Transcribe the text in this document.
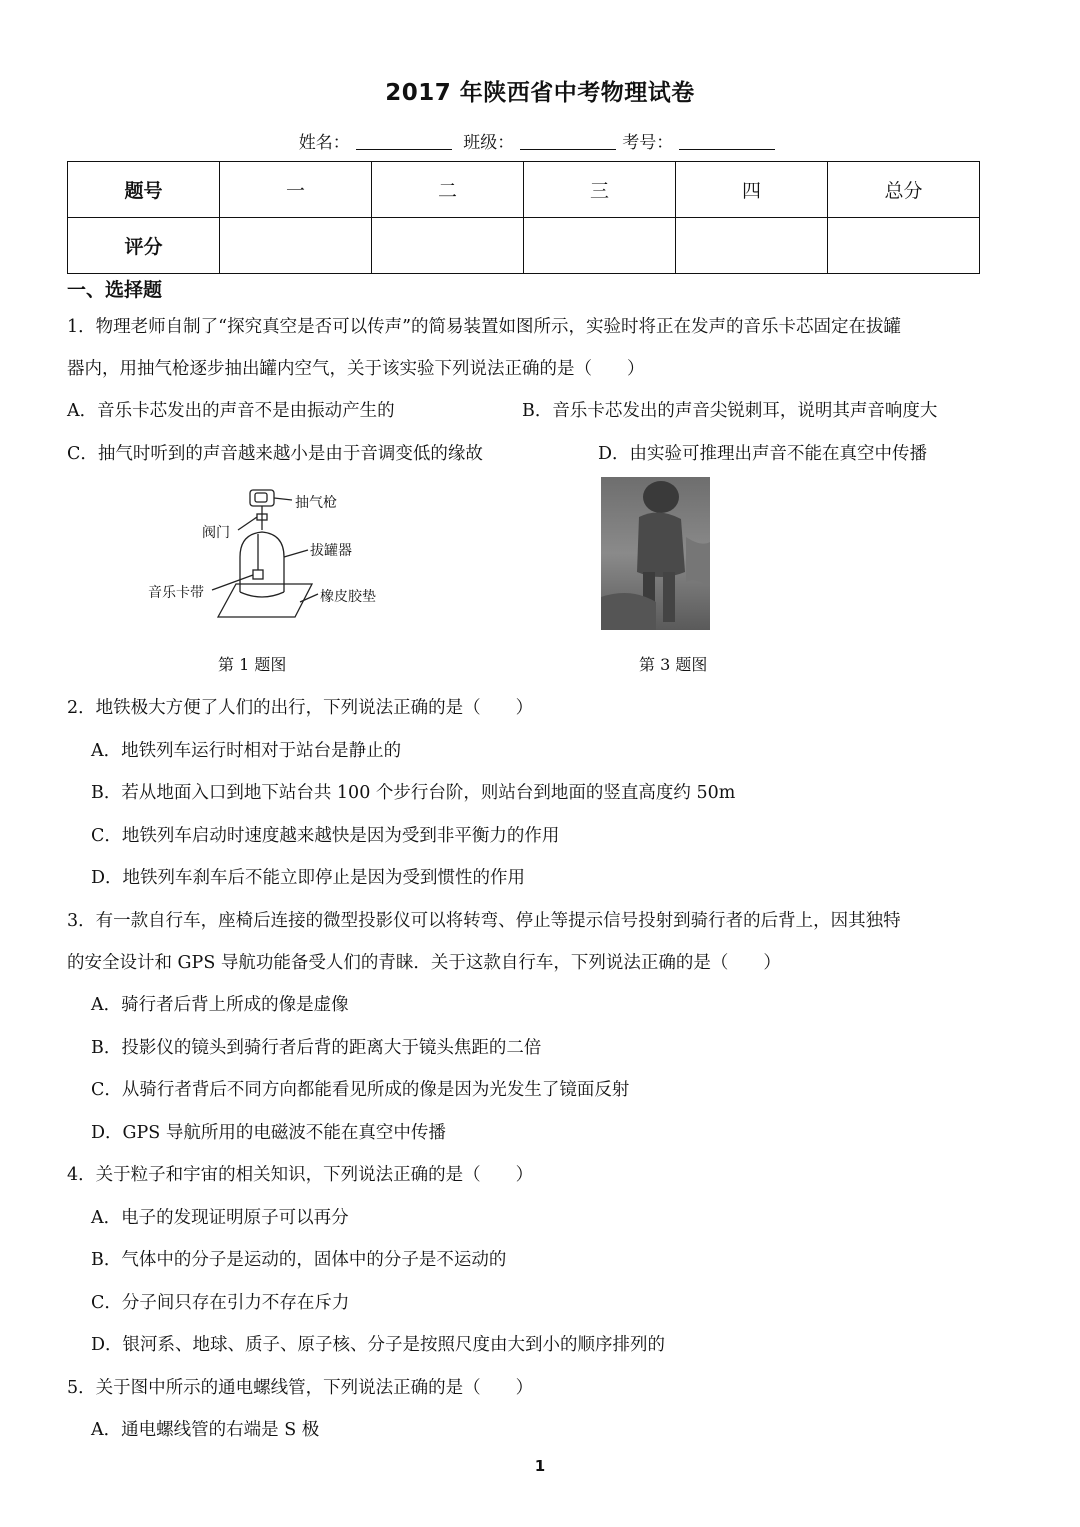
2017 年陕西省中考物理试卷
姓名：	班级：	考号：
题号	一	二	三	四	总分
评分					
一、选择题
1．物理老师自制了“探究真空是否可以传声”的简易装置如图所示，实验时将正在发声的音乐卡芯固定在拔罐
器内，用抽气枪逐步抽出罐内空气，关于该实验下列说法正确的是（　　）
A．音乐卡芯发出的声音不是由振动产生的	B．音乐卡芯发出的声音尖锐刺耳，说明其声音响度大
C．抽气时听到的声音越来越小是由于音调变低的缘故	D．由实验可推理出声音不能在真空中传播
抽气枪
阀门
拔罐器
音乐卡带	橡皮胶垫
第 1 题图	第 3 题图
2．地铁极大方便了人们的出行，下列说法正确的是（　　）
A．地铁列车运行时相对于站台是静止的
B．若从地面入口到地下站台共 100 个步行台阶，则站台到地面的竖直高度约 50m
C．地铁列车启动时速度越来越快是因为受到非平衡力的作用
D．地铁列车刹车后不能立即停止是因为受到惯性的作用
3．有一款自行车，座椅后连接的微型投影仪可以将转弯、停止等提示信号投射到骑行者的后背上，因其独特
的安全设计和 GPS 导航功能备受人们的青睐．关于这款自行车，下列说法正确的是（　　）
A．骑行者后背上所成的像是虚像
B．投影仪的镜头到骑行者后背的距离大于镜头焦距的二倍
C．从骑行者背后不同方向都能看见所成的像是因为光发生了镜面反射
D．GPS 导航所用的电磁波不能在真空中传播
4．关于粒子和宇宙的相关知识，下列说法正确的是（　　）
A．电子的发现证明原子可以再分
B．气体中的分子是运动的，固体中的分子是不运动的
C．分子间只存在引力不存在斥力
D．银河系、地球、质子、原子核、分子是按照尺度由大到小的顺序排列的
5．关于图中所示的通电螺线管，下列说法正确的是（　　）
A．通电螺线管的右端是 S 极
1
